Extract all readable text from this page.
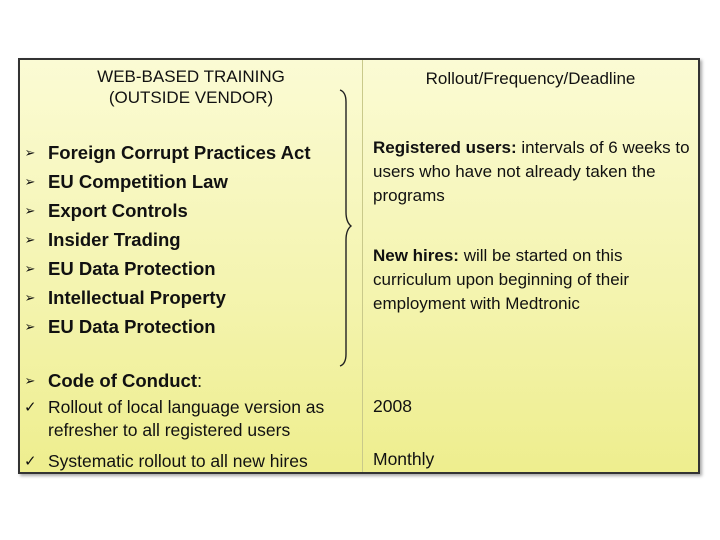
WEB-BASED TRAINING
(OUTSIDE VENDOR)
➢ Foreign Corrupt Practices Act
➢ EU Competition Law
➢ Export Controls
➢ Insider Trading
➢ EU Data Protection
➢ Intellectual Property
➢ EU Data Protection
➢ Code of Conduct:
✓ Rollout of local language version as refresher to all registered users
✓ Systematic rollout to all new hires
Rollout/Frequency/Deadline
Registered users: intervals of 6 weeks to users who have not already taken the programs
New hires: will be started on this curriculum upon beginning of their employment with Medtronic
2008
Monthly
